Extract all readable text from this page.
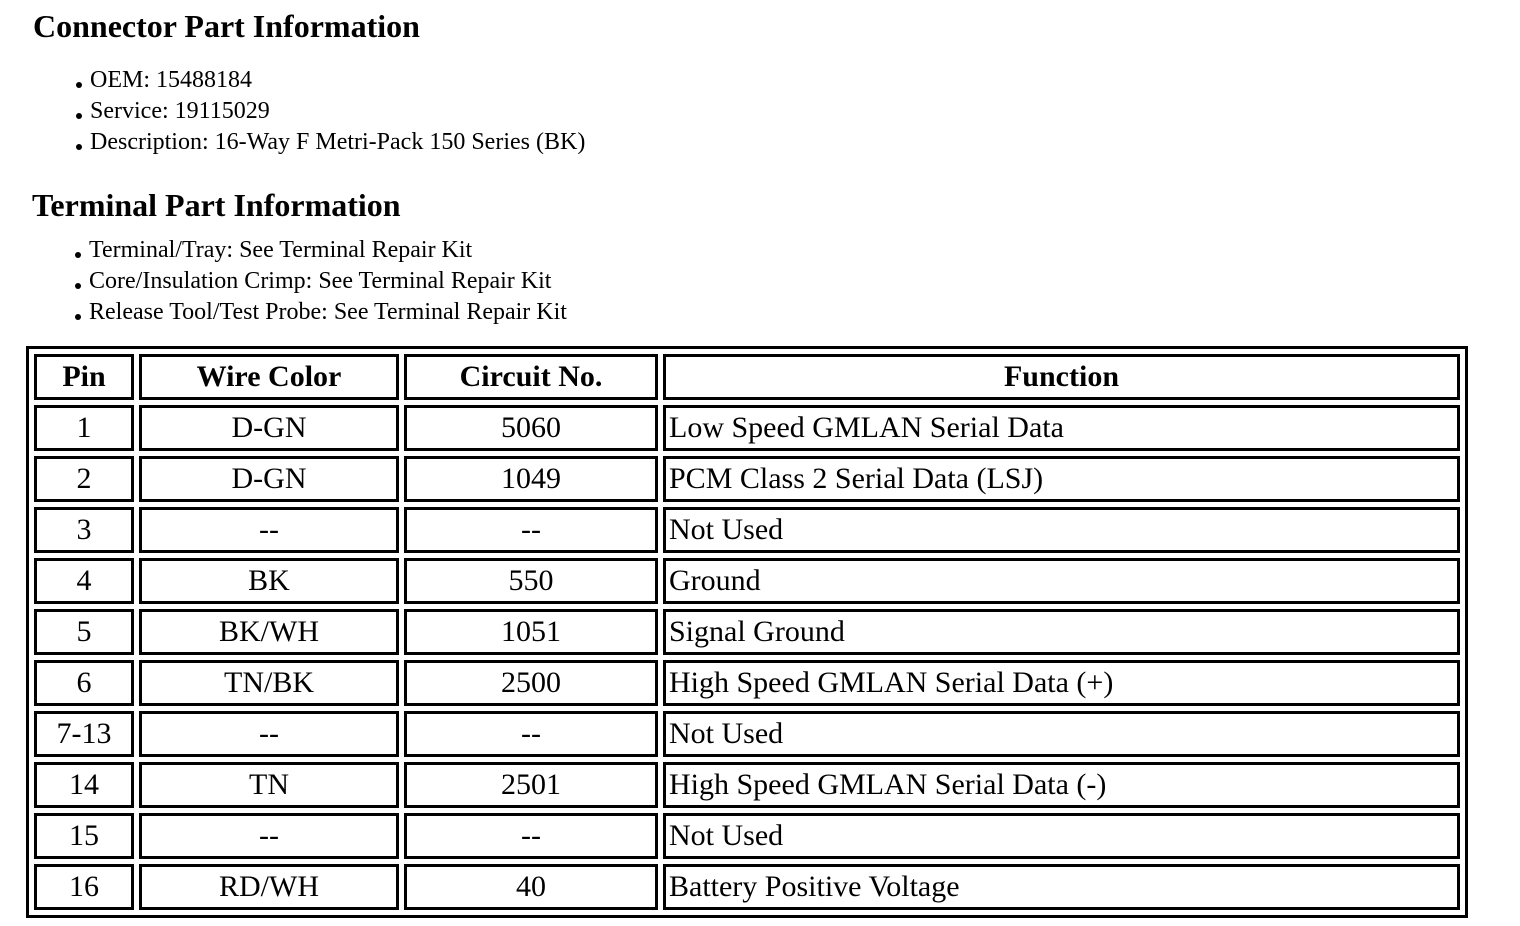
Connector Part Information
OEM: 15488184
Service: 19115029
Description: 16-Way F Metri-Pack 150 Series (BK)
Terminal Part Information
Terminal/Tray: See Terminal Repair Kit
Core/Insulation Crimp: See Terminal Repair Kit
Release Tool/Test Probe: See Terminal Repair Kit
Pin	Wire Color	Circuit No.	Function
1	D-GN	5060	Low Speed GMLAN Serial Data
2	D-GN	1049	PCM Class 2 Serial Data (LSJ)
3	--	--	Not Used
4	BK	550	Ground
5	BK/WH	1051	Signal Ground
6	TN/BK	2500	High Speed GMLAN Serial Data (+)
7-13	--	--	Not Used
14	TN	2501	High Speed GMLAN Serial Data (-)
15	--	--	Not Used
16	RD/WH	40	Battery Positive Voltage
